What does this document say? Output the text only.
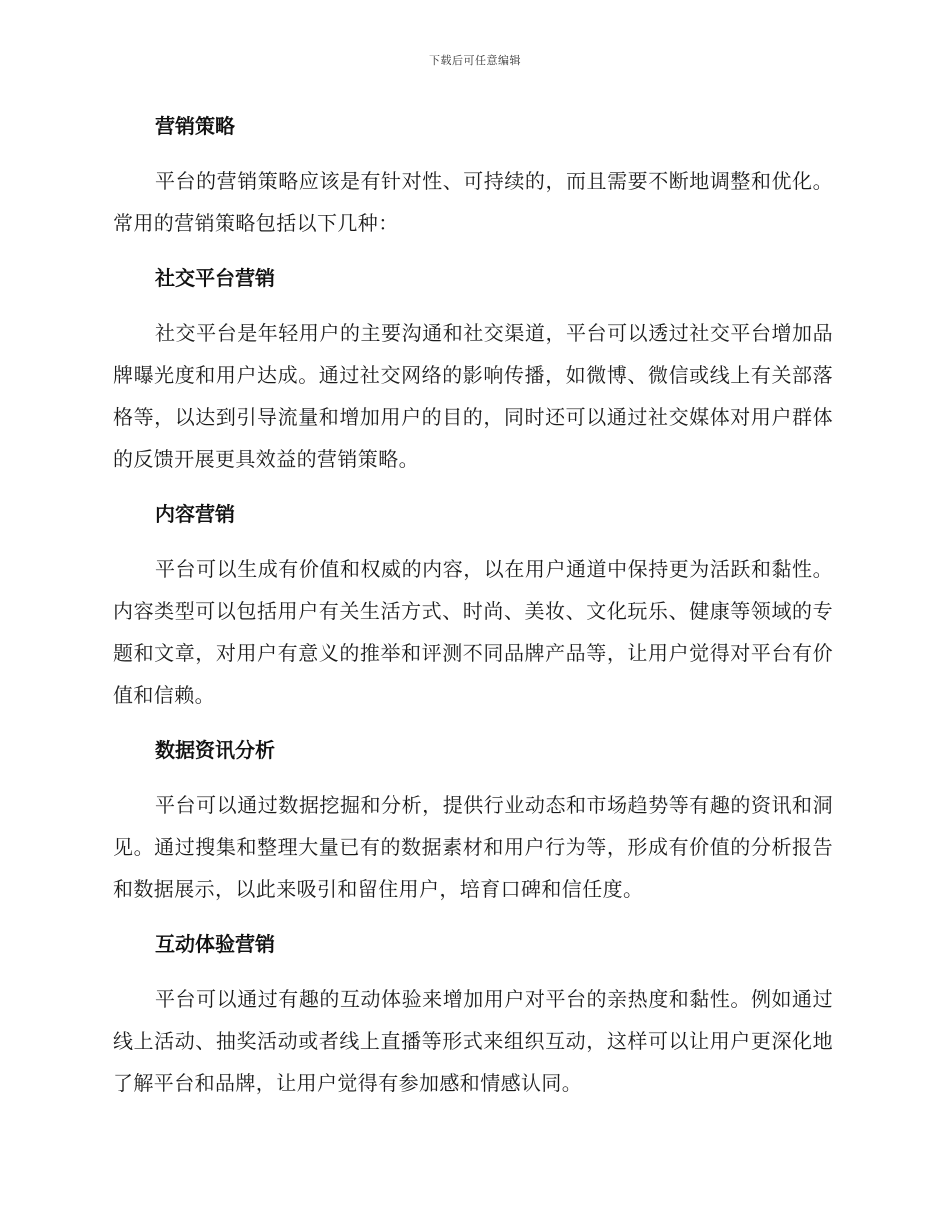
下载后可任意编辑
营销策略

平台的营销策略应该是有针对性、可持续的，而且需要不断地调整和优化。常用的营销策略包括以下几种：

社交平台营销

社交平台是年轻用户的主要沟通和社交渠道，平台可以透过社交平台增加品牌曝光度和用户达成。通过社交网络的影响传播，如微博、微信或线上有关部落格等，以达到引导流量和增加用户的目的，同时还可以通过社交媒体对用户群体的反馈开展更具效益的营销策略。

内容营销

平台可以生成有价值和权威的内容，以在用户通道中保持更为活跃和黏性。内容类型可以包括用户有关生活方式、时尚、美妆、文化玩乐、健康等领域的专题和文章，对用户有意义的推举和评测不同品牌产品等，让用户觉得对平台有价值和信赖。

数据资讯分析

平台可以通过数据挖掘和分析，提供行业动态和市场趋势等有趣的资讯和洞见。通过搜集和整理大量已有的数据素材和用户行为等，形成有价值的分析报告和数据展示，以此来吸引和留住用户，培育口碑和信任度。

互动体验营销

平台可以通过有趣的互动体验来增加用户对平台的亲热度和黏性。例如通过线上活动、抽奖活动或者线上直播等形式来组织互动，这样可以让用户更深化地了解平台和品牌，让用户觉得有参加感和情感认同。
